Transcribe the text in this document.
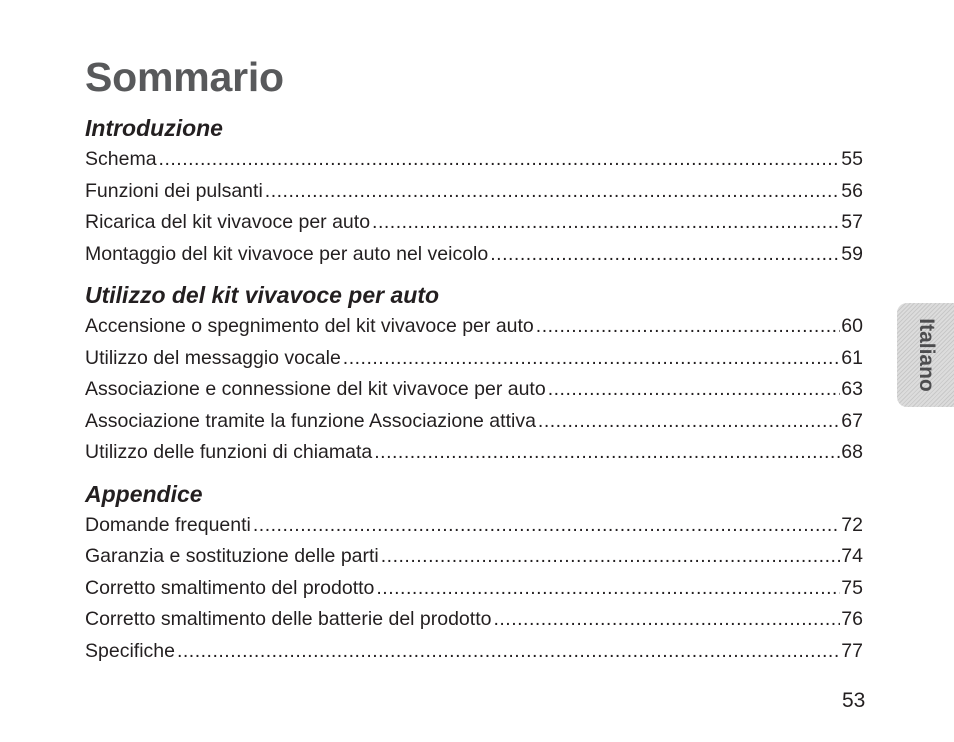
Sommario
Introduzione
Schema .....	55
Funzioni dei pulsanti .....	56
Ricarica del kit vivavoce per auto .....	57
Montaggio del kit vivavoce per auto nel veicolo .....	59
Utilizzo del kit vivavoce per auto
Accensione o spegnimento del kit vivavoce per auto .....	60
Utilizzo del messaggio vocale .....	61
Associazione e connessione del kit vivavoce per auto .....	63
Associazione tramite la funzione Associazione attiva .....	67
Utilizzo delle funzioni di chiamata .....	68
Appendice
Domande frequenti .....	72
Garanzia e sostituzione delle parti .....	74
Corretto smaltimento del prodotto .....	75
Corretto smaltimento delle batterie del prodotto .....	76
Specifiche .....	77
Italiano
53
